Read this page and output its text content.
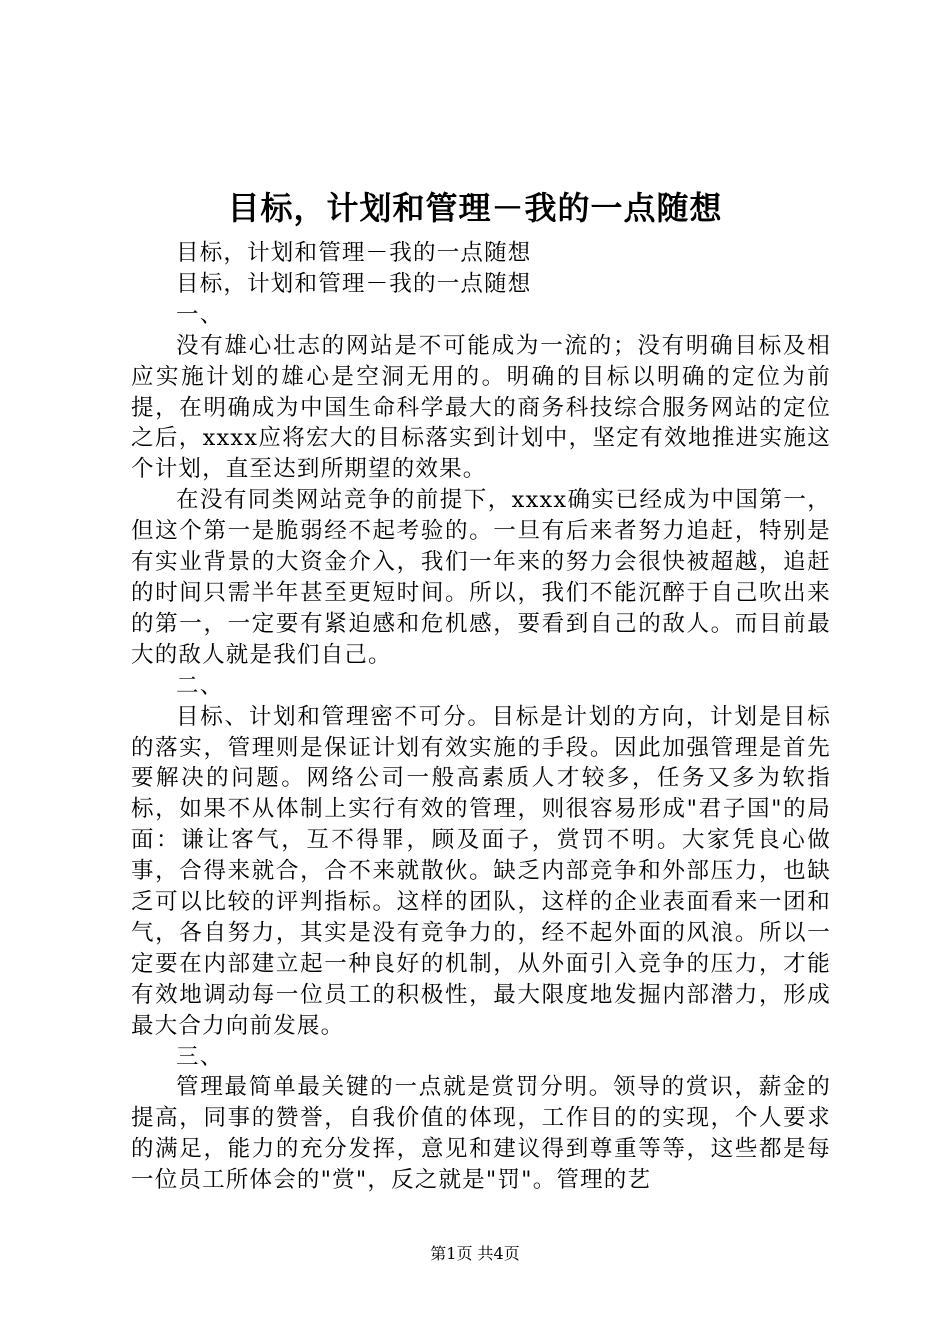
目标，计划和管理－我的一点随想

目标，计划和管理－我的一点随想

目标，计划和管理－我的一点随想

一、

没有雄心壮志的网站是不可能成为一流的；没有明确目标及相应实施计划的雄心是空洞无用的。明确的目标以明确的定位为前提，在明确成为中国生命科学最大的商务科技综合服务网站的定位之后，xxxx应将宏大的目标落实到计划中，坚定有效地推进实施这个计划，直至达到所期望的效果。

在没有同类网站竞争的前提下，xxxx确实已经成为中国第一，但这个第一是脆弱经不起考验的。一旦有后来者努力追赶，特别是有实业背景的大资金介入，我们一年来的努力会很快被超越，追赶的时间只需半年甚至更短时间。所以，我们不能沉醉于自己吹出来的第一，一定要有紧迫感和危机感，要看到自己的敌人。而目前最大的敌人就是我们自己。

二、

目标、计划和管理密不可分。目标是计划的方向，计划是目标的落实，管理则是保证计划有效实施的手段。因此加强管理是首先要解决的问题。网络公司一般高素质人才较多，任务又多为软指标，如果不从体制上实行有效的管理，则很容易形成"君子国"的局面：谦让客气，互不得罪，顾及面子，赏罚不明。大家凭良心做事，合得来就合，合不来就散伙。缺乏内部竞争和外部压力，也缺乏可以比较的评判指标。这样的团队，这样的企业表面看来一团和气，各自努力，其实是没有竞争力的，经不起外面的风浪。所以一定要在内部建立起一种良好的机制，从外面引入竞争的压力，才能有效地调动每一位员工的积极性，最大限度地发掘内部潜力，形成最大合力向前发展。

三、

管理最简单最关键的一点就是赏罚分明。领导的赏识，薪金的提高，同事的赞誉，自我价值的体现，工作目的的实现，个人要求的满足，能力的充分发挥，意见和建议得到尊重等等，这些都是每一位员工所体会的"赏"，反之就是"罚"。管理的艺

第1页 共4页
